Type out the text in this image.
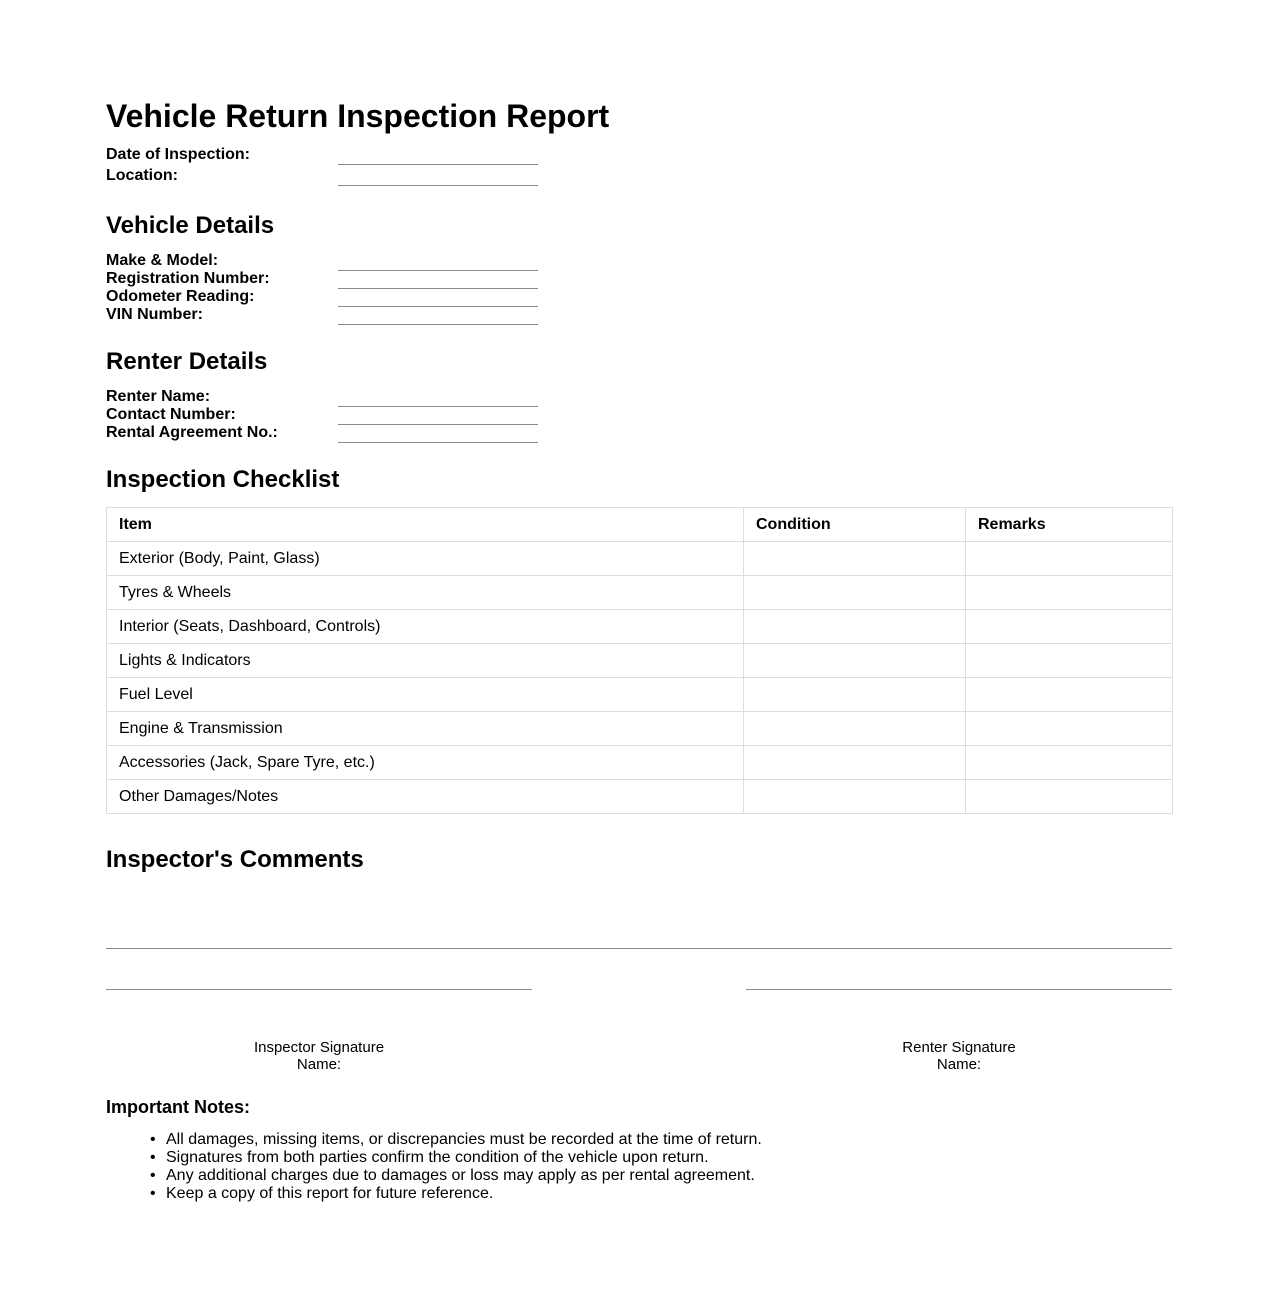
Vehicle Return Inspection Report
Date of Inspection:
Location:
Vehicle Details
Make & Model:
Registration Number:
Odometer Reading:
VIN Number:
Renter Details
Renter Name:
Contact Number:
Rental Agreement No.:
Inspection Checklist
Item	Condition	Remarks
Exterior (Body, Paint, Glass)		
Tyres & Wheels		
Interior (Seats, Dashboard, Controls)		
Lights & Indicators		
Fuel Level		
Engine & Transmission		
Accessories (Jack, Spare Tyre, etc.)		
Other Damages/Notes		
Inspector's Comments
Inspector Signature
Name:
Renter Signature
Name:
Important Notes:
• All damages, missing items, or discrepancies must be recorded at the time of return.
• Signatures from both parties confirm the condition of the vehicle upon return.
• Any additional charges due to damages or loss may apply as per rental agreement.
• Keep a copy of this report for future reference.
